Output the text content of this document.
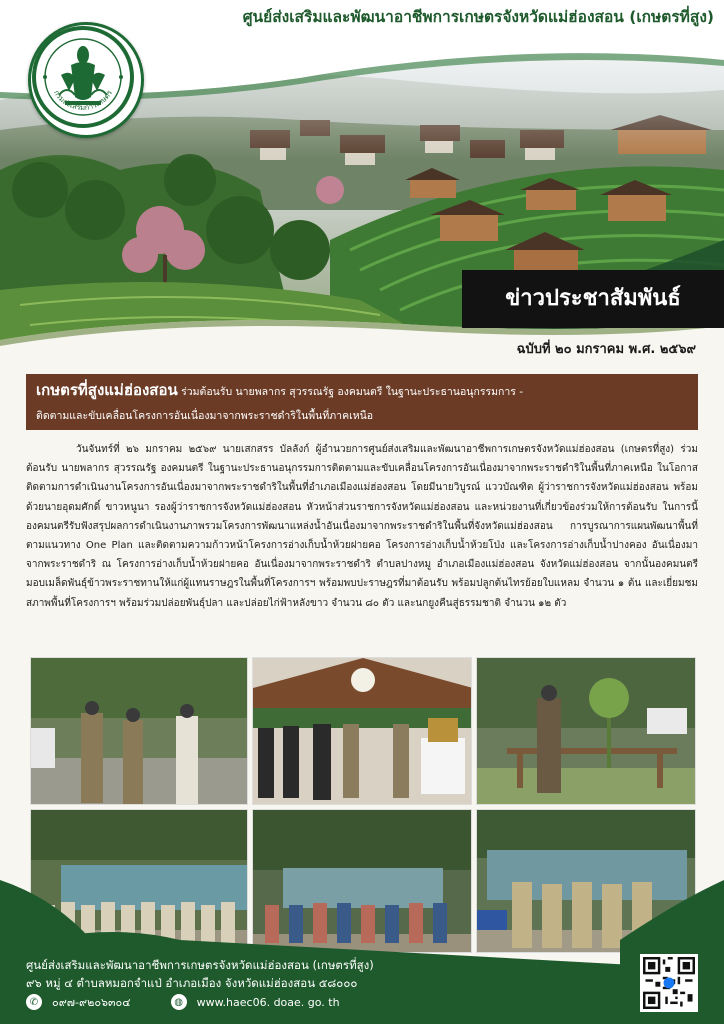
ศูนย์ส่งเสริมและพัฒนาอาชีพการเกษตรจังหวัดแม่ฮ่องสอน (เกษตรที่สูง)
กรมส่งเสริมการเกษตร
ข่าวประชาสัมพันธ์
ฉบับที่ ๒๐ มกราคม พ.ศ. ๒๕๖๙
เกษตรที่สูงแม่ฮ่องสอน ร่วมต้อนรับ นายพลากร สุวรรณรัฐ องคมนตรี ในฐานะประธานอนุกรรมการ -
ติดตามและขับเคลื่อนโครงการอันเนื่องมาจากพระราชดำริในพื้นที่ภาคเหนือ

วันจันทร์ที่ ๒๖ มกราคม ๒๕๖๙ นายเสกสรร บัลลังก์ ผู้อำนวยการศูนย์ส่งเสริมและพัฒนาอาชีพการเกษตรจังหวัดแม่ฮ่องสอน (เกษตรที่สูง) ร่วมต้อนรับ นายพลากร สุวรรณรัฐ องคมนตรี ในฐานะประธานอนุกรรมการติดตามและขับเคลื่อนโครงการอันเนื่องมาจากพระราชดำริในพื้นที่ภาคเหนือ ในโอกาสติดตามการดำเนินงานโครงการอันเนื่องมาจากพระราชดำริในพื้นที่อำเภอเมืองแม่ฮ่องสอน โดยมีนายวิบูรณ์ แววบัณฑิต ผู้ว่าราชการจังหวัดแม่ฮ่องสอน พร้อมด้วยนายอุดมศักดิ์ ขาวหนูนา รองผู้ว่าราชการจังหวัดแม่ฮ่องสอน หัวหน้าส่วนราชการจังหวัดแม่ฮ่องสอน และหน่วยงานที่เกี่ยวข้องร่วมให้การต้อนรับ ในการนี้ องคมนตรีรับฟังสรุปผลการดำเนินงานภาพรวมโครงการพัฒนาแหล่งน้ำอันเนื่องมาจากพระราชดำริในพื้นที่จังหวัดแม่ฮ่องสอน การบูรณาการแผนพัฒนาพื้นที่ตามแนวทาง One Plan และติดตามความก้าวหน้าโครงการอ่างเก็บน้ำห้วยฝายคอ โครงการอ่างเก็บน้ำห้วยโป่ง และโครงการอ่างเก็บน้ำปางคอง อันเนื่องมาจากพระราชดำริ ณ โครงการอ่างเก็บน้ำห้วยฝายคอ อันเนื่องมาจากพระราชดำริ ตำบลปางหมู อำเภอเมืองแม่ฮ่องสอน จังหวัดแม่ฮ่องสอน จากนั้นองคมนตรีมอบเมล็ดพันธุ์ข้าวพระราชทานให้แก่ผู้แทนราษฎรในพื้นที่โครงการฯ พร้อมพบปะราษฎรที่มาต้อนรับ พร้อมปลูกต้นไทรย้อยใบแหลม จำนวน ๑ ต้น และเยี่ยมชมสภาพพื้นที่โครงการฯ พร้อมร่วมปล่อยพันธุ์ปลา และปล่อยไก่ฟ้าหลังขาว จำนวน ๘๐ ตัว และนกยูงคืนสู่ธรรมชาติ จำนวน ๑๒ ตัว

ศูนย์ส่งเสริมและพัฒนาอาชีพการเกษตรจังหวัดแม่ฮ่องสอน (เกษตรที่สูง)
๙๖ หมู่ ๔ ตำบลหมอกจำแป่ อำเภอเมือง จังหวัดแม่ฮ่องสอน ๕๘๐๐๐
✆	๐๙๗-๙๒๐๖๓๐๔	◍	www.haec06. doae. go. th
